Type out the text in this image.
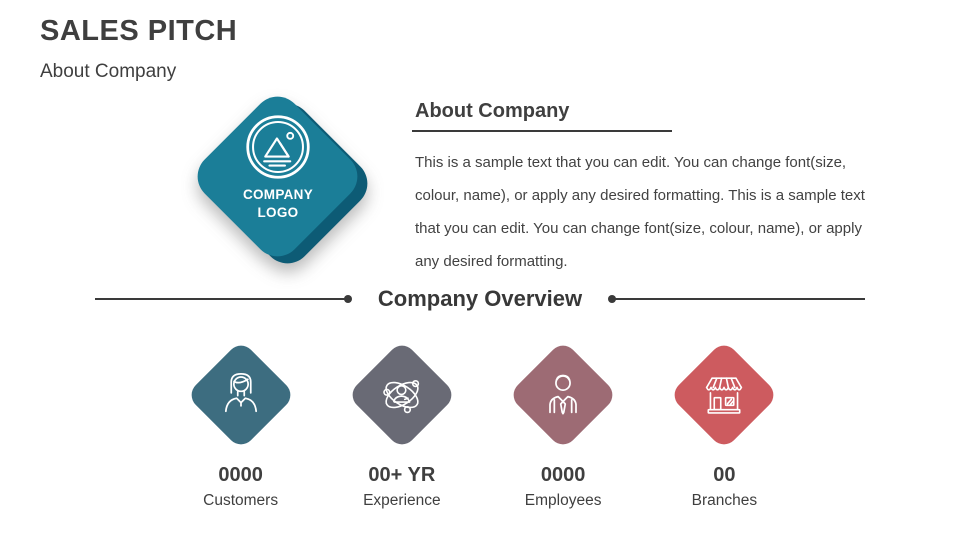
SALES PITCH
About Company
COMPANY
LOGO
About Company
This is a sample text that you can edit. You can change font(size, colour, name), or apply any desired formatting. This is a sample text that you can edit. You can change font(size, colour, name), or apply any desired formatting.
Company Overview
0000
Customers
00+ YR
Experience
0000
Employees
00
Branches
